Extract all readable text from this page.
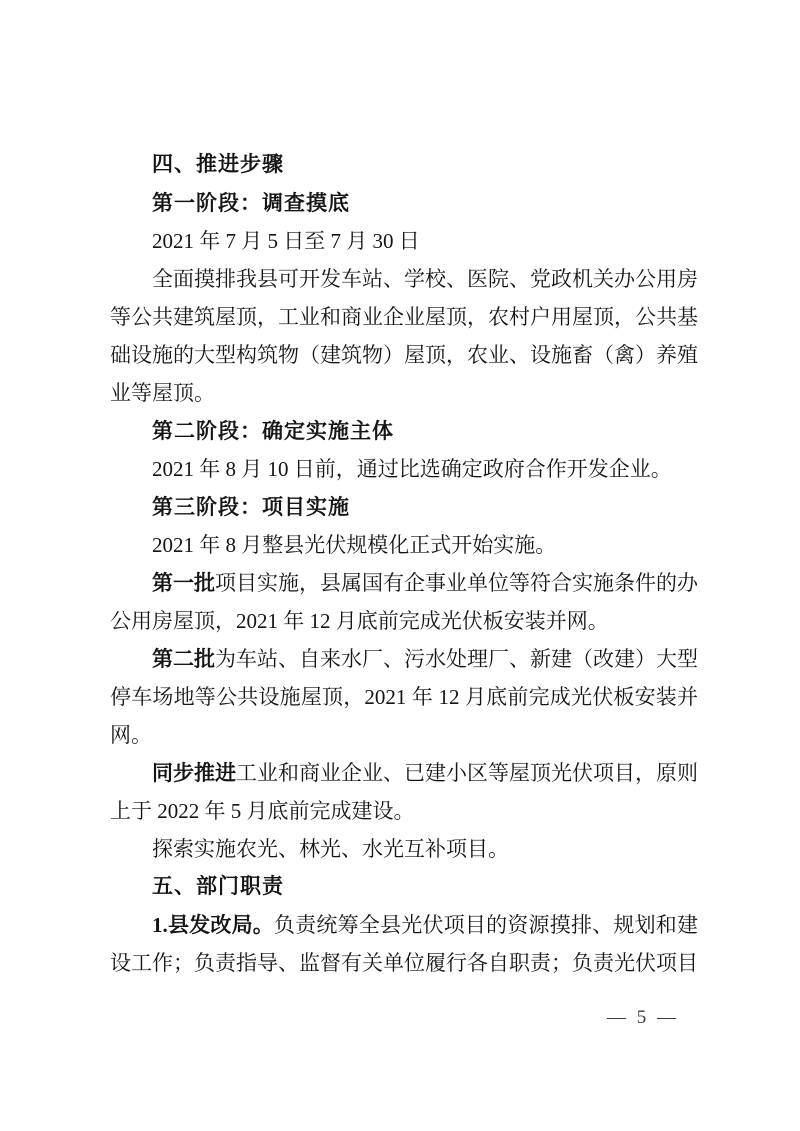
四、推进步骤
第一阶段：调查摸底

2021 年 7 月 5 日至 7 月 30 日

全面摸排我县可开发车站、学校、医院、党政机关办公用房等公共建筑屋顶，工业和商业企业屋顶，农村户用屋顶，公共基础设施的大型构筑物（建筑物）屋顶，农业、设施畜（禽）养殖业等屋顶。

第二阶段：确定实施主体

2021 年 8 月 10 日前，通过比选确定政府合作开发企业。

第三阶段：项目实施

2021 年 8 月整县光伏规模化正式开始实施。

第一批项目实施，县属国有企事业单位等符合实施条件的办公用房屋顶，2021 年 12 月底前完成光伏板安装并网。

第二批为车站、自来水厂、污水处理厂、新建（改建）大型停车场地等公共设施屋顶，2021 年 12 月底前完成光伏板安装并网。

同步推进工业和商业企业、已建小区等屋顶光伏项目，原则上于 2022 年 5 月底前完成建设。

探索实施农光、林光、水光互补项目。

五、部门职责

1.县发改局。负责统筹全县光伏项目的资源摸排、规划和建设工作；负责指导、监督有关单位履行各自职责；负责光伏项目

— 5 —
